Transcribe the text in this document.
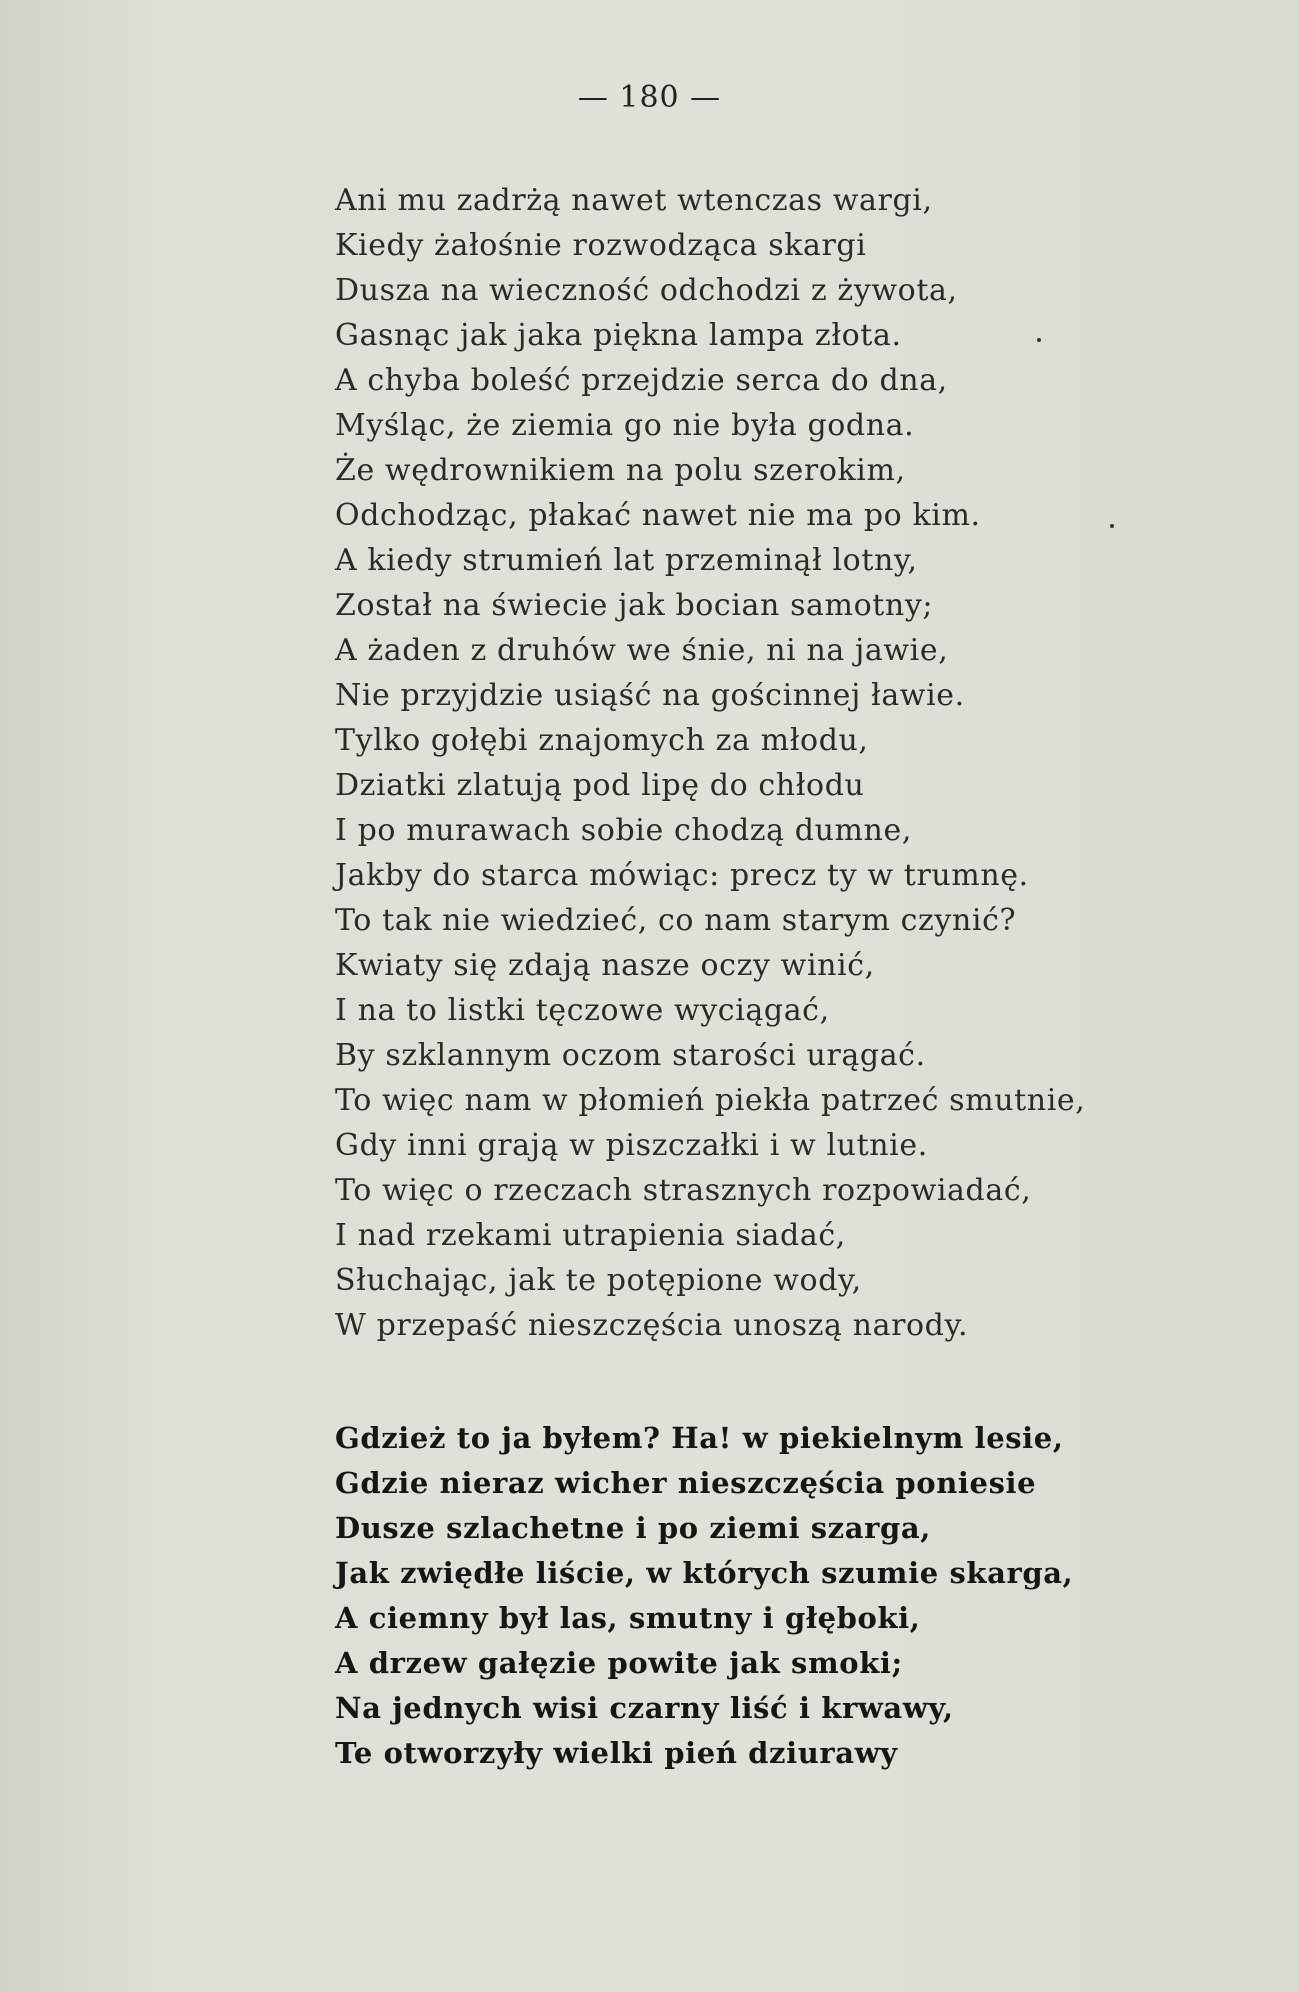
— 180 —
Ani mu zadrżą nawet wtenczas wargi,
Kiedy żałośnie rozwodząca skargi
Dusza na wieczność odchodzi z żywota,
Gasnąc jak jaka piękna lampa złota.
A chyba boleść przejdzie serca do dna,
Myśląc, że ziemia go nie była godna.
Że wędrownikiem na polu szerokim,
Odchodząc, płakać nawet nie ma po kim.
A kiedy strumień lat przeminął lotny,
Został na świecie jak bocian samotny;
A żaden z druhów we śnie, ni na jawie,
Nie przyjdzie usiąść na gościnnej ławie.
Tylko gołębi znajomych za młodu,
Dziatki zlatują pod lipę do chłodu
I po murawach sobie chodzą dumne,
Jakby do starca mówiąc: precz ty w trumnę.
To tak nie wiedzieć, co nam starym czynić?
Kwiaty się zdają nasze oczy winić,
I na to listki tęczowe wyciągać,
By szklannym oczom starości urągać.
To więc nam w płomień piekła patrzeć smutnie,
Gdy inni grają w piszczałki i w lutnie.
To więc o rzeczach strasznych rozpowiadać,
I nad rzekami utrapienia siadać,
Słuchając, jak te potępione wody,
W przepaść nieszczęścia unoszą narody.
Gdzież to ja byłem? Ha! w piekielnym lesie,
Gdzie nieraz wicher nieszczęścia poniesie
Dusze szlachetne i po ziemi szarga,
Jak zwiędłe liście, w których szumie skarga,
A ciemny był las, smutny i głęboki,
A drzew gałęzie powite jak smoki;
Na jednych wisi czarny liść i krwawy,
Te otworzyły wielki pień dziurawy
